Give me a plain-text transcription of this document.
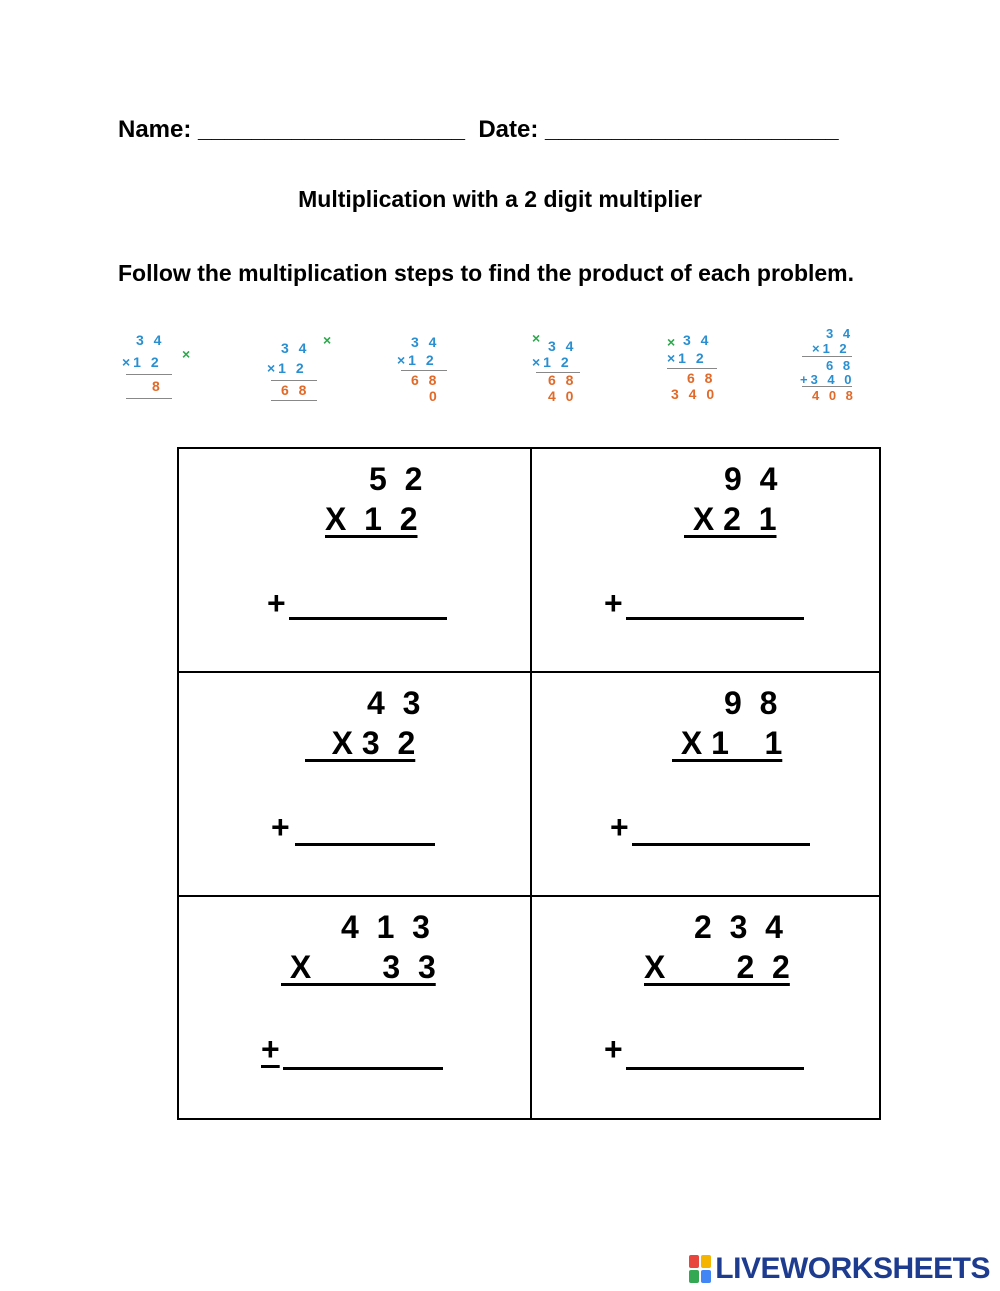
Name: ____________________  Date: ______________________
Multiplication with a 2 digit multiplier
Follow the multiplication steps to find the product of each problem.
3 4
×
×1 2
8
3 4 ×
×1 2
6 8
3 4
×1 2
6 8
0
× 3 4
×1 2
6 8
4 0
× 3 4
×1 2
6 8
3 4 0
3 4
×1 2
6 8
+3 4 0
4 0 8
5  2
X  1  2
+
9  4
X 2  1
+
4  3
X 3  2
+
9  8
X 1    1
+
4  1  3
X        3  3
+
2  3  4
X        2  2
+
LIVEWORKSHEETS
